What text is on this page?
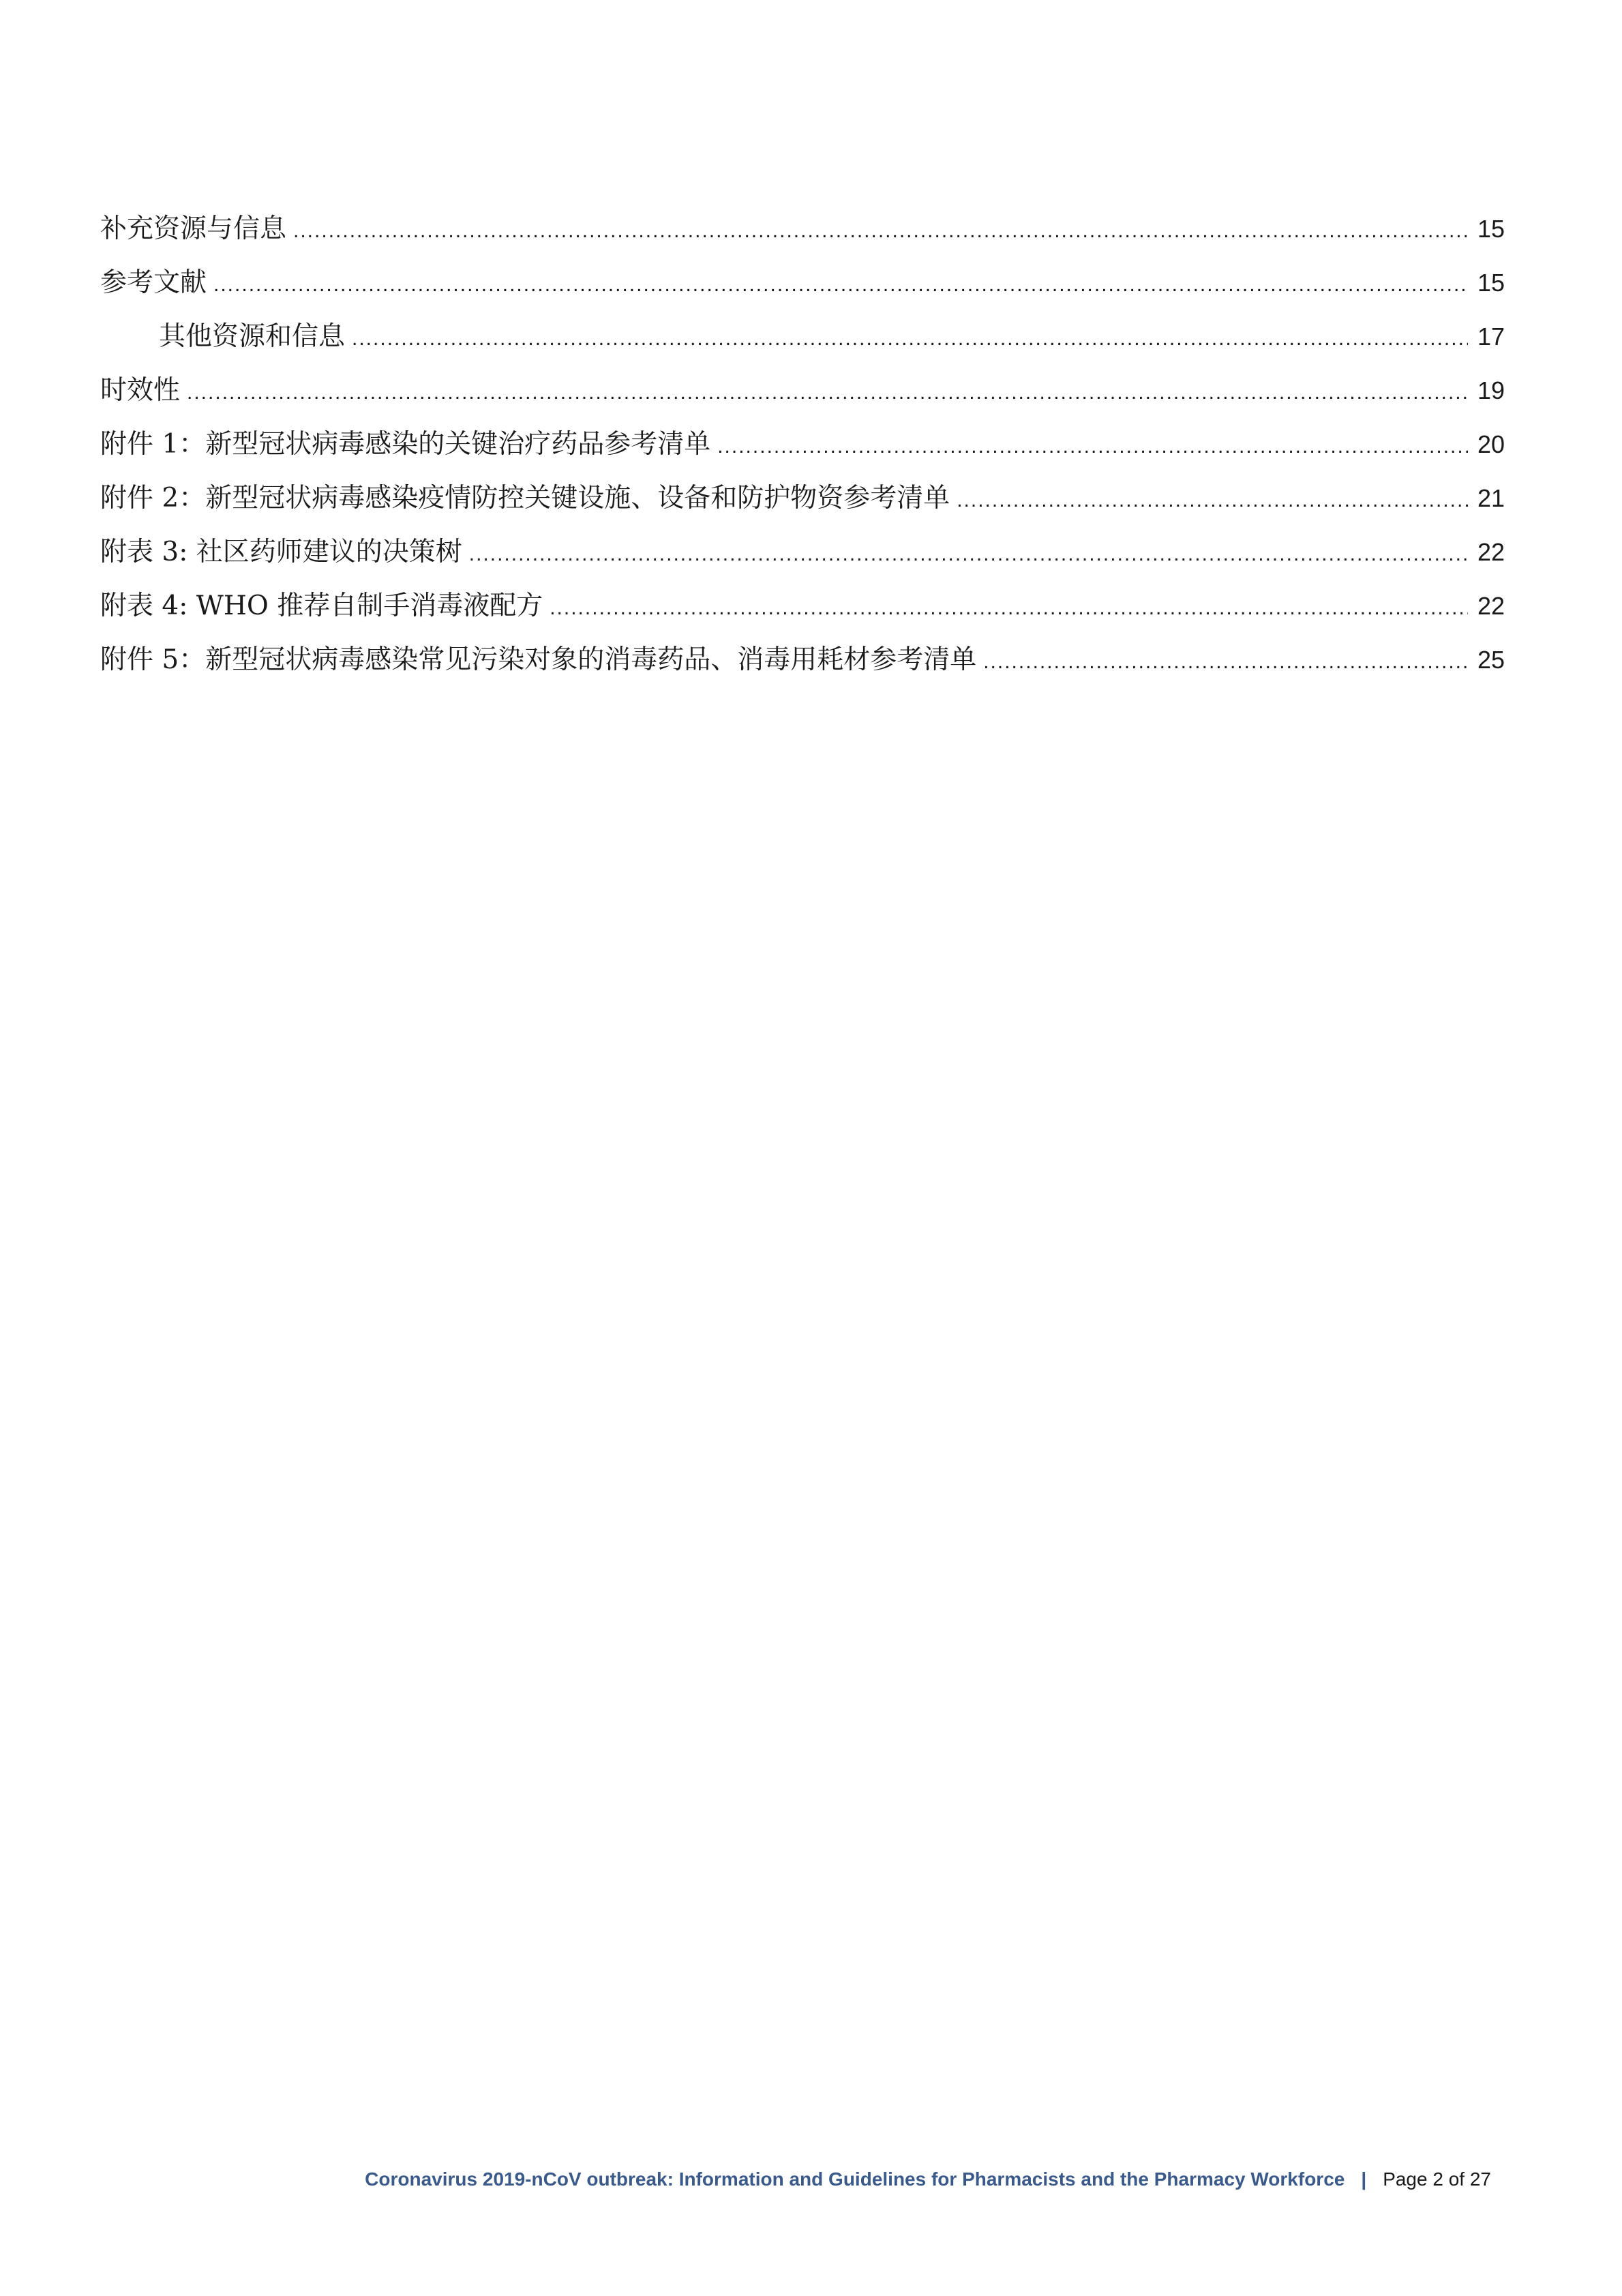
补充资源与信息 .....	15
参考文献 .....	15
其他资源和信息 .....	17
时效性 .....	19
附件 1：新型冠状病毒感染的关键治疗药品参考清单 .....	20
附件 2：新型冠状病毒感染疫情防控关键设施、设备和防护物资参考清单 .....	21
附表 3: 社区药师建议的决策树 .....	22
附表 4: WHO 推荐自制手消毒液配方 .....	22
附件 5：新型冠状病毒感染常见污染对象的消毒药品、消毒用耗材参考清单 .....	25
Coronavirus 2019-nCoV outbreak: Information and Guidelines for Pharmacists and the Pharmacy Workforce | Page 2 of 27
